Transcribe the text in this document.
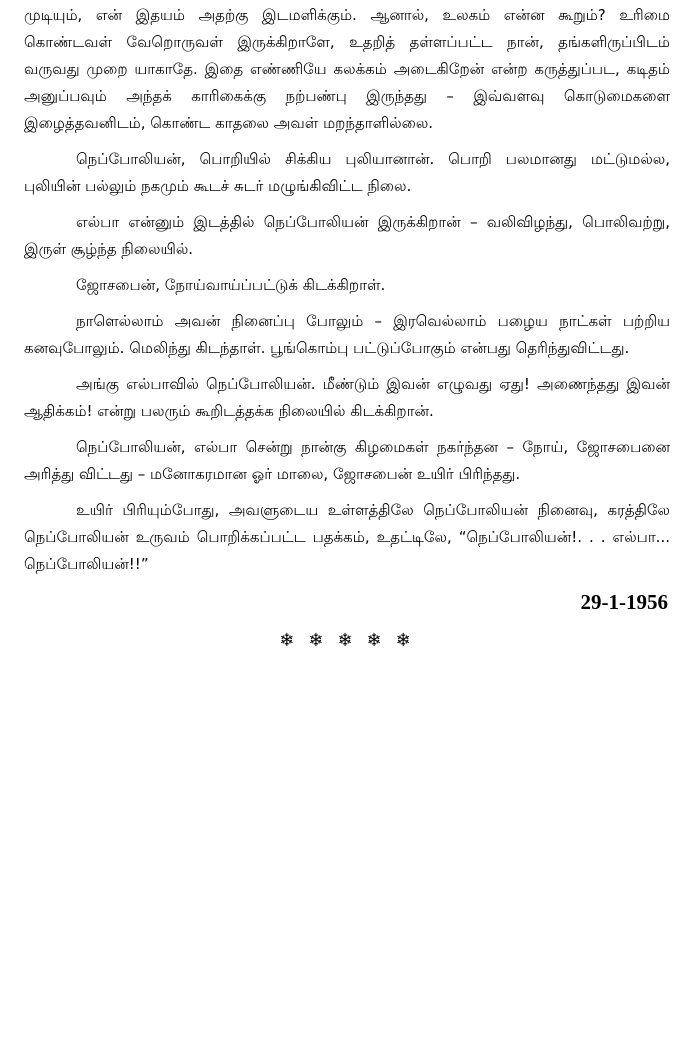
முடியும், என் இதயம் அதற்கு இடமளிக்கும். ஆனால், உலகம் என்ன கூறும்? உரிமை கொண்டவள் வேறொருவள் இருக்கிறாளே, உதறித் தள்ளப்பட்ட நான், தங்களிருப்பிடம் வருவது முறை யாகாதே. இதை எண்ணியே கலக்கம் அடைகிறேன் என்ற கருத்துப்பட, கடிதம் அனுப்பவும் அந்தக் காரிகைக்கு நற்பண்பு இருந்தது – இவ்வளவு கொடுமைகளை இழைத்தவனிடம், கொண்ட காதலை அவள் மறந்தாளில்லை.

நெப்போலியன், பொறியில் சிக்கிய புலியானான். பொறி பலமானது மட்டுமல்ல, புலியின் பல்லும் நகமும் கூடச் சுடர் மழுங்கிவிட்ட நிலை.

எல்பா என்னும் இடத்தில் நெப்போலியன் இருக்கிறான் – வலிவிழந்து, பொலிவற்று, இருள் சூழ்ந்த நிலையில்.

ஜோசபைன், நோய்வாய்ப்பட்டுக் கிடக்கிறாள்.

நாளெல்லாம் அவன் நினைப்பு போலும் – இரவெல்லாம் பழைய நாட்கள் பற்றிய கனவுபோலும். மெலிந்து கிடந்தாள். பூங்கொம்பு பட்டுப்போகும் என்பது தெரிந்துவிட்டது.

அங்கு எல்பாவில் நெப்போலியன். மீண்டும் இவன் எழுவது ஏது! அணைந்தது இவன் ஆதிக்கம்! என்று பலரும் கூறிடத்தக்க நிலையில் கிடக்கிறான்.

நெப்போலியன், எல்பா சென்று நான்கு கிழமைகள் நகர்ந்தன – நோய், ஜோசபைனை அரித்து விட்டது – மனோகரமான ஓர் மாலை, ஜோசபைன் உயிர் பிரிந்தது.

உயிர் பிரியும்போது, அவளுடைய உள்ளத்திலே நெப்போலியன் நினைவு, கரத்திலே நெப்போலியன் உருவம் பொறிக்கப்பட்ட பதக்கம், உதட்டிலே, “நெப்போலியன்!. . . எல்பா... நெப்போலியன்!!”

29-1-1956
❄❄❄❄❄
